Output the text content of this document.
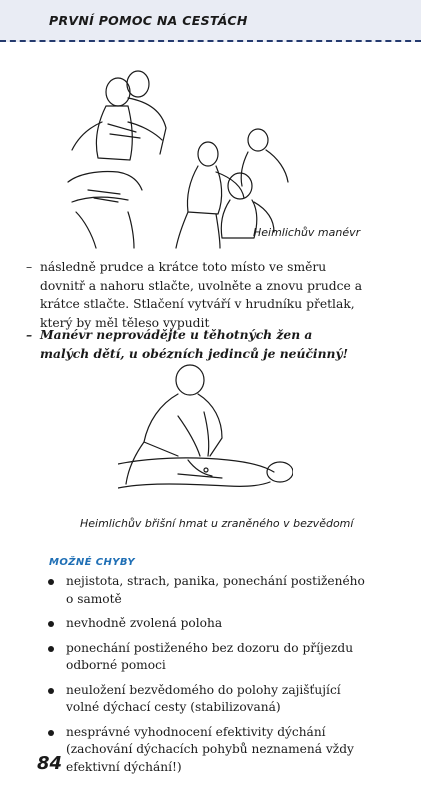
PRVNÍ POMOC NA CESTÁCH
Heimlichův manévr
– následně prudce a krátce toto místo ve směru dovnitř a nahoru stlačte, uvolněte a znovu prudce a krátce stlačte. Stlačení vytváří v hrudníku přetlak, který by měl těleso vypudit
– Manévr neprovádějte u těhotných žen a malých dětí, u obézních jedinců je neúčinný!
Heimlichův břišní hmat u zraněného v bezvědomí
MOŽNÉ CHYBY
nejistota, strach, panika, ponechání postiženého o samotě
nevhodně zvolená poloha
ponechání postiženého bez dozoru do příjezdu odborné pomoci
neuložení bezvědomého do polohy zajišťující volné dýchací cesty (stabilizovaná)
nesprávné vyhodnocení efektivity dýchání (zachování dýchacích pohybů neznamená vždy efektivní dýchání!)
84
